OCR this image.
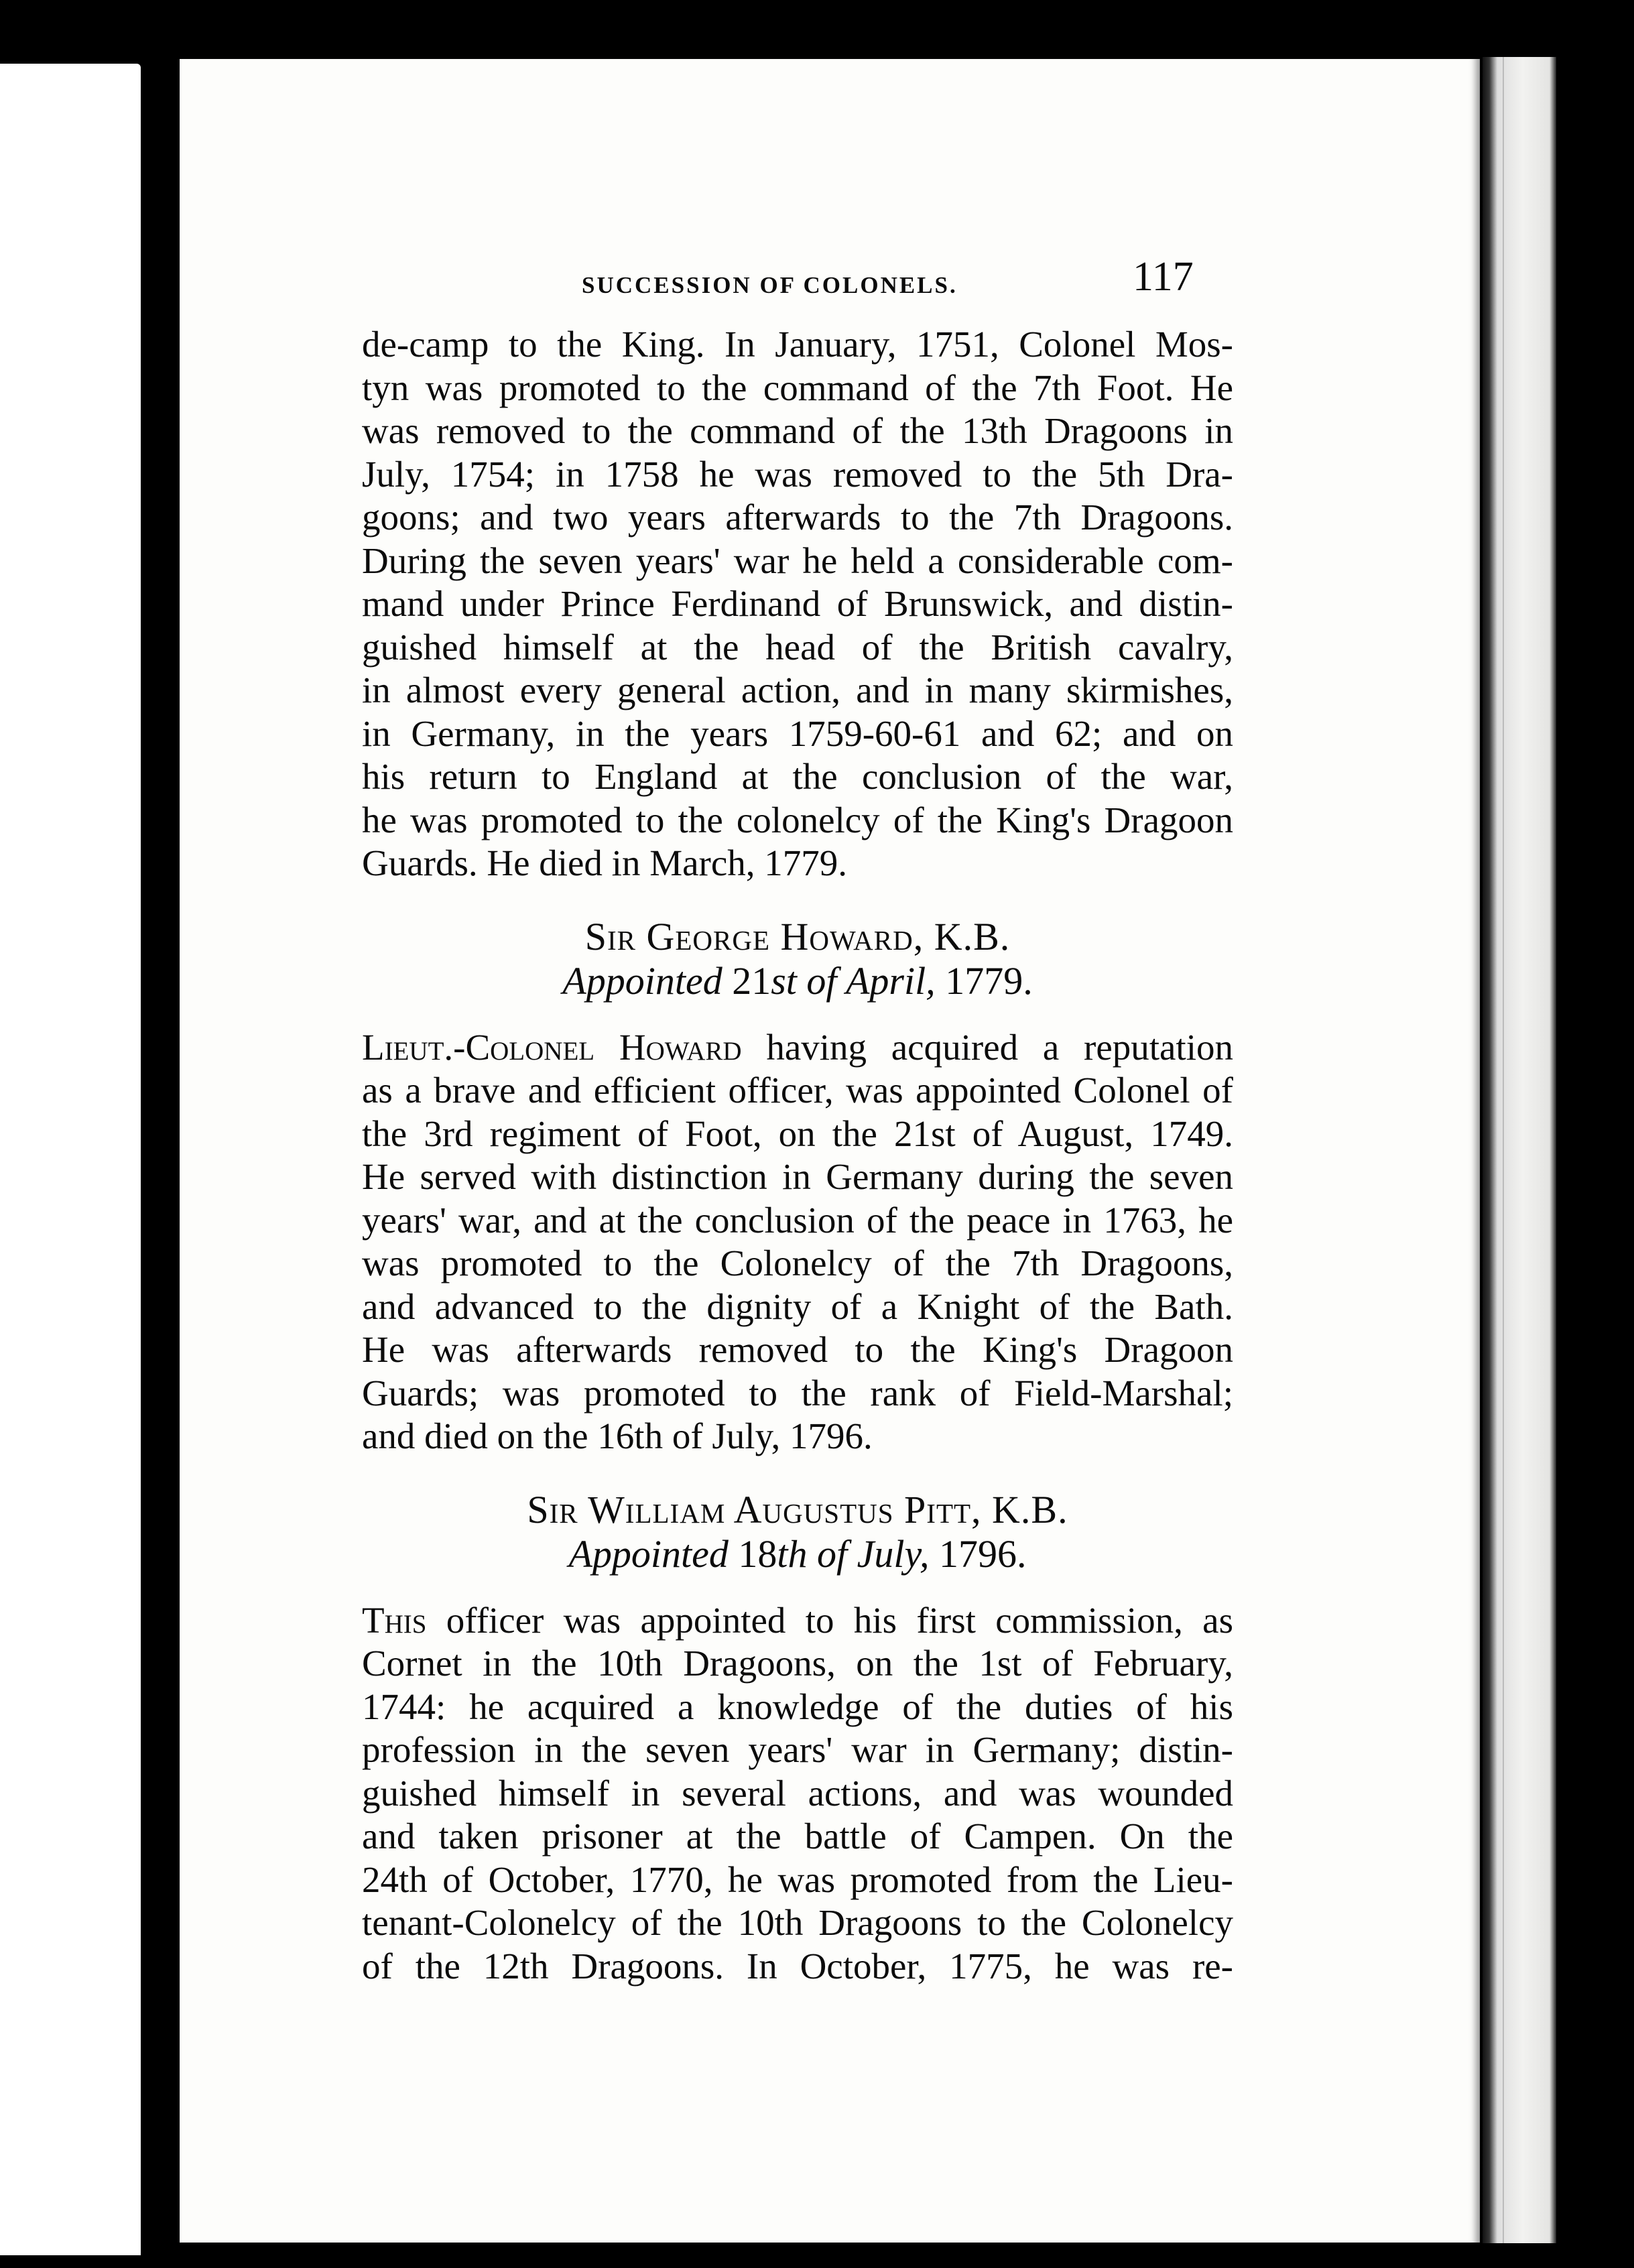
SUCCESSION OF COLONELS.	117
de-camp to the King. In January, 1751, Colonel Mos-
tyn was promoted to the command of the 7th Foot. He
was removed to the command of the 13th Dragoons in
July, 1754; in 1758 he was removed to the 5th Dra-
goons; and two years afterwards to the 7th Dragoons.
During the seven years' war he held a considerable com-
mand under Prince Ferdinand of Brunswick, and distin-
guished himself at the head of the British cavalry,
in almost every general action, and in many skirmishes,
in Germany, in the years 1759-60-61 and 62; and on
his return to England at the conclusion of the war,
he was promoted to the colonelcy of the King's Dragoon
Guards. He died in March, 1779.
Sir George Howard, K.B.
Appointed 21st of April, 1779.
Lieut.-Colonel Howard having acquired a reputation
as a brave and efficient officer, was appointed Colonel of
the 3rd regiment of Foot, on the 21st of August, 1749.
He served with distinction in Germany during the seven
years' war, and at the conclusion of the peace in 1763, he
was promoted to the Colonelcy of the 7th Dragoons,
and advanced to the dignity of a Knight of the Bath.
He was afterwards removed to the King's Dragoon
Guards; was promoted to the rank of Field-Marshal;
and died on the 16th of July, 1796.
Sir William Augustus Pitt, K.B.
Appointed 18th of July, 1796.
This officer was appointed to his first commission, as
Cornet in the 10th Dragoons, on the 1st of February,
1744: he acquired a knowledge of the duties of his
profession in the seven years' war in Germany; distin-
guished himself in several actions, and was wounded
and taken prisoner at the battle of Campen. On the
24th of October, 1770, he was promoted from the Lieu-
tenant-Colonelcy of the 10th Dragoons to the Colonelcy
of the 12th Dragoons. In October, 1775, he was re-
